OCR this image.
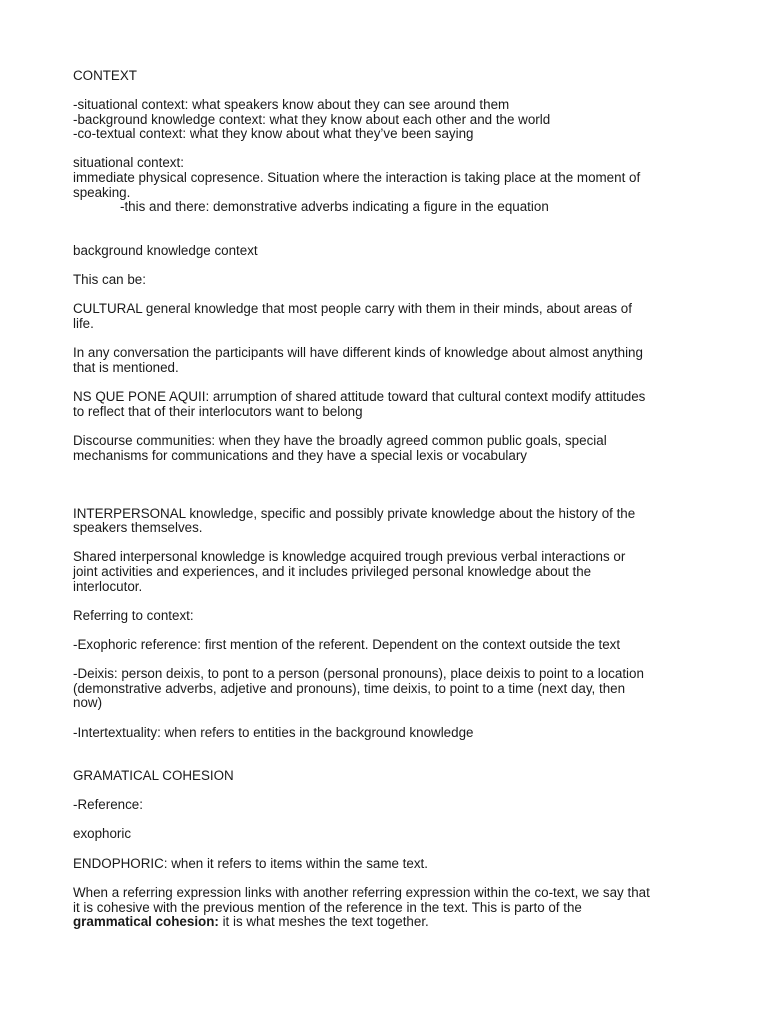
CONTEXT

-situational context: what speakers know about they can see around them

-background knowledge context: what they know about each other and the world

-co-textual context: what they know about what they’ve been saying

situational context:

immediate physical copresence. Situation where the interaction is taking place at the moment of

speaking.

-this and there: demonstrative adverbs indicating a figure in the equation

background knowledge context

This can be:

CULTURAL general knowledge that most people carry with them in their minds, about areas of

life.

In any conversation the participants will have different kinds of knowledge about almost anything

that is mentioned.

NS QUE PONE AQUII: arrumption of shared attitude toward that cultural context modify attitudes

to reflect that of their interlocutors want to belong

Discourse communities: when they have the broadly agreed common public goals, special

mechanisms for communications and they have a special lexis or vocabulary

INTERPERSONAL knowledge, specific and possibly private knowledge about the history of the

speakers themselves.

Shared interpersonal knowledge is knowledge acquired trough previous verbal interactions or

joint activities and experiences, and it includes privileged personal knowledge about the

interlocutor.

Referring to context:

-Exophoric reference: first mention of the referent. Dependent on the context outside the text

-Deixis: person deixis, to pont to a person (personal pronouns), place deixis to point to a location

(demonstrative adverbs, adjetive and pronouns), time deixis, to point to a time (next day, then

now)

-Intertextuality: when refers to entities in the background knowledge

GRAMATICAL COHESION

-Reference:

exophoric

ENDOPHORIC: when it refers to items within the same text.

When a referring expression links with another referring expression within the co-text, we say that

it is cohesive with the previous mention of the reference in the text. This is parto of the

grammatical cohesion: it is what meshes the text together.
